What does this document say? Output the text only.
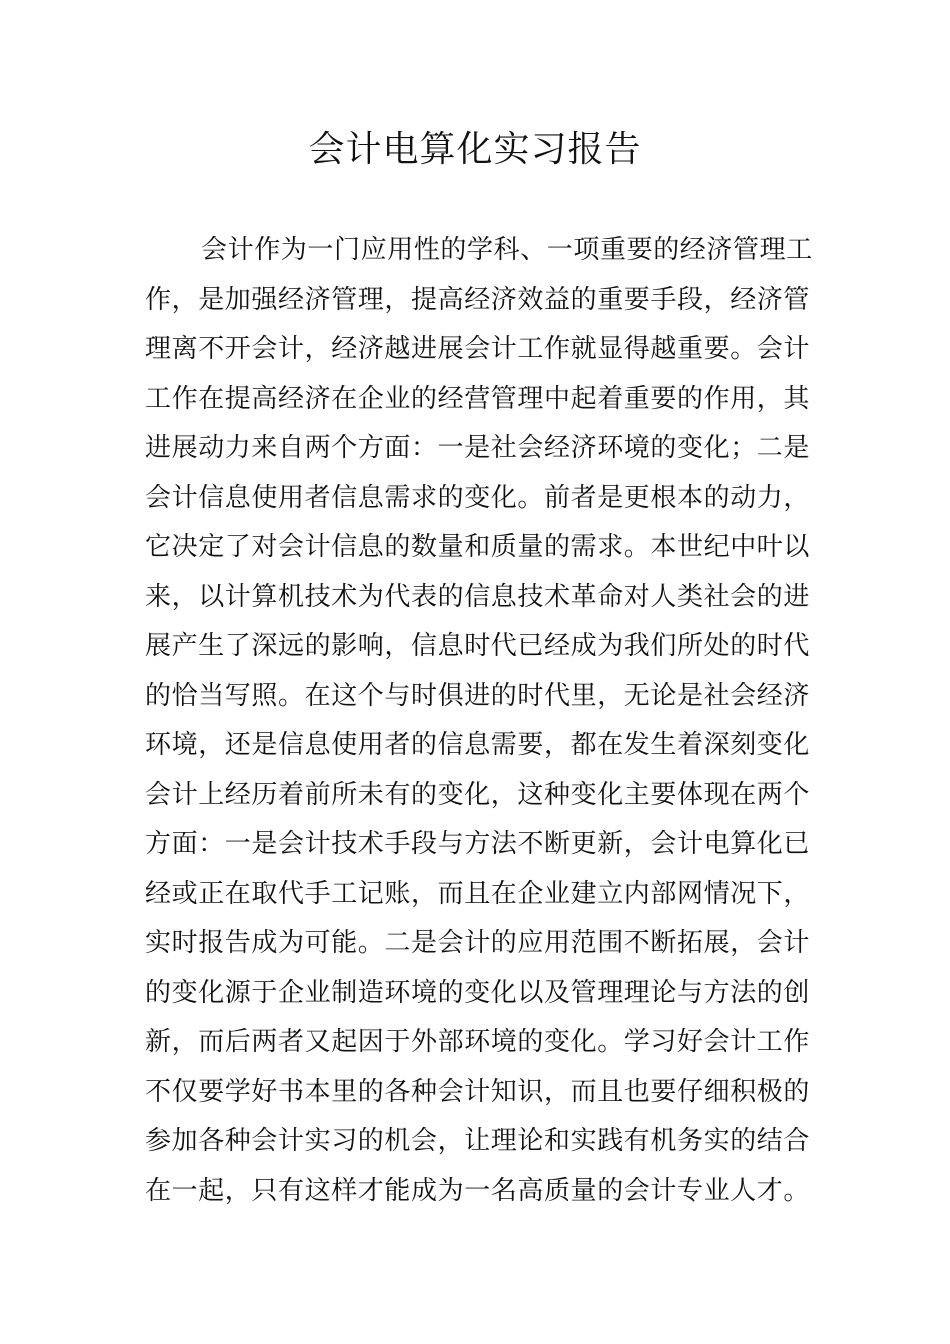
会计电算化实习报告
会计作为一门应用性的学科、一项重要的经济管理工
作，是加强经济管理，提高经济效益的重要手段，经济管
理离不开会计，经济越进展会计工作就显得越重要。会计
工作在提高经济在企业的经营管理中起着重要的作用，其
进展动力来自两个方面：一是社会经济环境的变化；二是
会计信息使用者信息需求的变化。前者是更根本的动力，
它决定了对会计信息的数量和质量的需求。本世纪中叶以
来，以计算机技术为代表的信息技术革命对人类社会的进
展产生了深远的影响，信息时代已经成为我们所处的时代
的恰当写照。在这个与时俱进的时代里，无论是社会经济
环境，还是信息使用者的信息需要，都在发生着深刻变化
会计上经历着前所未有的变化，这种变化主要体现在两个
方面：一是会计技术手段与方法不断更新，会计电算化已
经或正在取代手工记账，而且在企业建立内部网情况下，
实时报告成为可能。二是会计的应用范围不断拓展，会计
的变化源于企业制造环境的变化以及管理理论与方法的创
新，而后两者又起因于外部环境的变化。学习好会计工作
不仅要学好书本里的各种会计知识，而且也要仔细积极的
参加各种会计实习的机会，让理论和实践有机务实的结合
在一起，只有这样才能成为一名高质量的会计专业人才。
